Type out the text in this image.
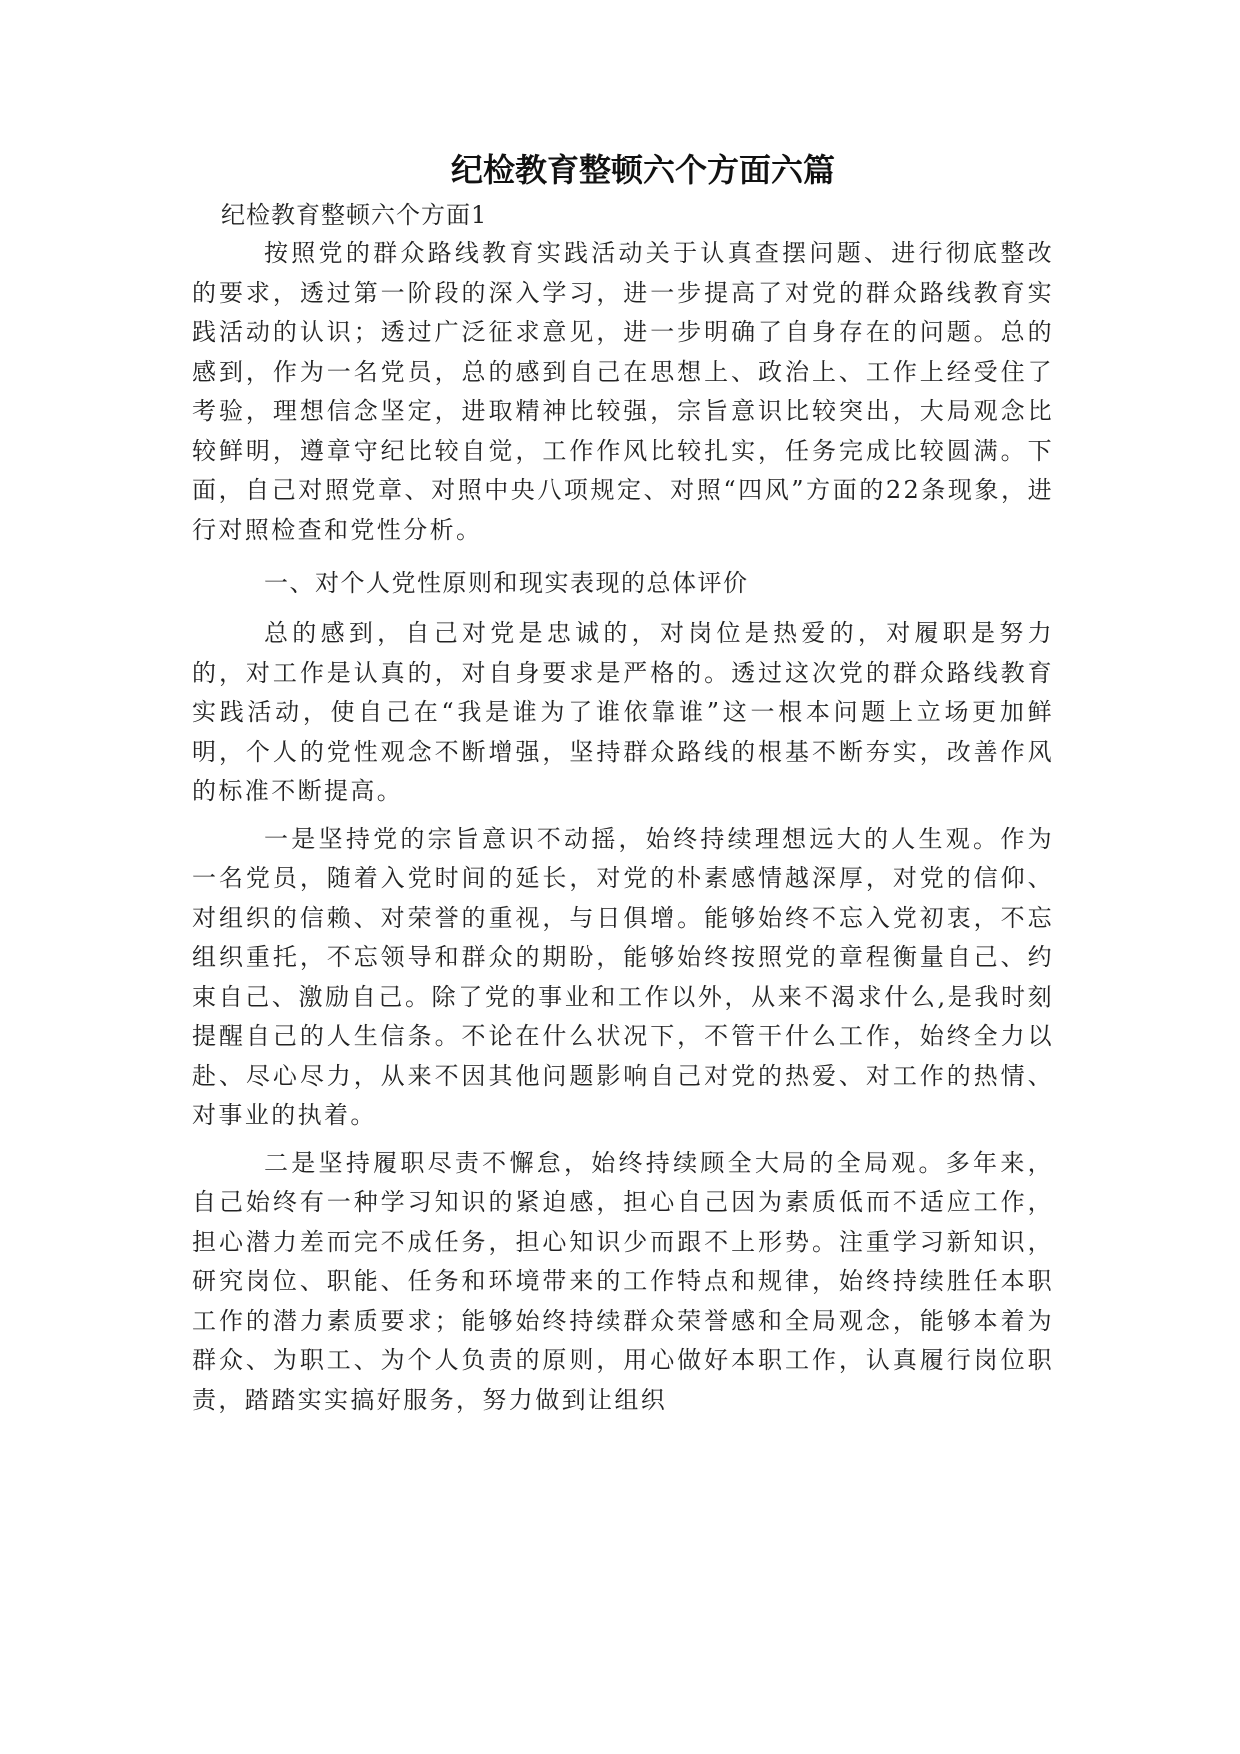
纪检教育整顿六个方面六篇

纪检教育整顿六个方面1

按照党的群众路线教育实践活动关于认真查摆问题、进行彻底整改的要求，透过第一阶段的深入学习，进一步提高了对党的群众路线教育实践活动的认识；透过广泛征求意见，进一步明确了自身存在的问题。总的感到，作为一名党员，总的感到自己在思想上、政治上、工作上经受住了考验，理想信念坚定，进取精神比较强，宗旨意识比较突出，大局观念比较鲜明，遵章守纪比较自觉，工作作风比较扎实，任务完成比较圆满。下面，自己对照党章、对照中央八项规定、对照“四风”方面的22条现象，进行对照检查和党性分析。

一、对个人党性原则和现实表现的总体评价

总的感到，自己对党是忠诚的，对岗位是热爱的，对履职是努力的，对工作是认真的，对自身要求是严格的。透过这次党的群众路线教育实践活动，使自己在“我是谁为了谁依靠谁”这一根本问题上立场更加鲜明，个人的党性观念不断增强，坚持群众路线的根基不断夯实，改善作风的标准不断提高。

一是坚持党的宗旨意识不动摇，始终持续理想远大的人生观。作为一名党员，随着入党时间的延长，对党的朴素感情越深厚，对党的信仰、对组织的信赖、对荣誉的重视，与日俱增。能够始终不忘入党初衷，不忘组织重托，不忘领导和群众的期盼，能够始终按照党的章程衡量自己、约束自己、激励自己。除了党的事业和工作以外，从来不渴求什么,是我时刻提醒自己的人生信条。不论在什么状况下，不管干什么工作，始终全力以赴、尽心尽力，从来不因其他问题影响自己对党的热爱、对工作的热情、对事业的执着。

二是坚持履职尽责不懈怠，始终持续顾全大局的全局观。多年来，自己始终有一种学习知识的紧迫感，担心自己因为素质低而不适应工作，担心潜力差而完不成任务，担心知识少而跟不上形势。注重学习新知识，研究岗位、职能、任务和环境带来的工作特点和规律，始终持续胜任本职工作的潜力素质要求；能够始终持续群众荣誉感和全局观念，能够本着为群众、为职工、为个人负责的原则，用心做好本职工作，认真履行岗位职责，踏踏实实搞好服务，努力做到让组织
